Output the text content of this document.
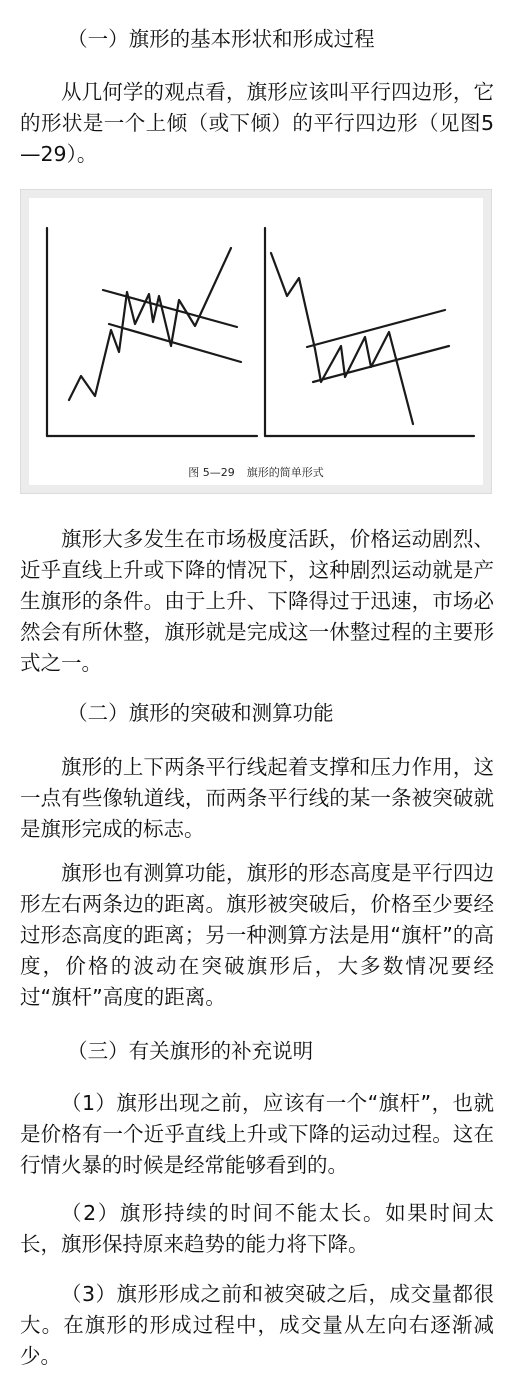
（一）旗形的基本形状和形成过程

从几何学的观点看，旗形应该叫平行四边形，它的形状是一个上倾（或下倾）的平行四边形（见图5—29）。

图 5—29 旗形的简单形式

旗形大多发生在市场极度活跃，价格运动剧烈、近乎直线上升或下降的情况下，这种剧烈运动就是产生旗形的条件。由于上升、下降得过于迅速，市场必然会有所休整，旗形就是完成这一休整过程的主要形式之一。

（二）旗形的突破和测算功能

旗形的上下两条平行线起着支撑和压力作用，这一点有些像轨道线，而两条平行线的某一条被突破就是旗形完成的标志。

旗形也有测算功能，旗形的形态高度是平行四边形左右两条边的距离。旗形被突破后，价格至少要经过形态高度的距离；另一种测算方法是用“旗杆”的高度，价格的波动在突破旗形后，大多数情况要经过“旗杆”高度的距离。

（三）有关旗形的补充说明

（1）旗形出现之前，应该有一个“旗杆”，也就是价格有一个近乎直线上升或下降的运动过程。这在行情火暴的时候是经常能够看到的。

（2）旗形持续的时间不能太长。如果时间太长，旗形保持原来趋势的能力将下降。

（3）旗形形成之前和被突破之后，成交量都很大。在旗形的形成过程中，成交量从左向右逐渐减少。
